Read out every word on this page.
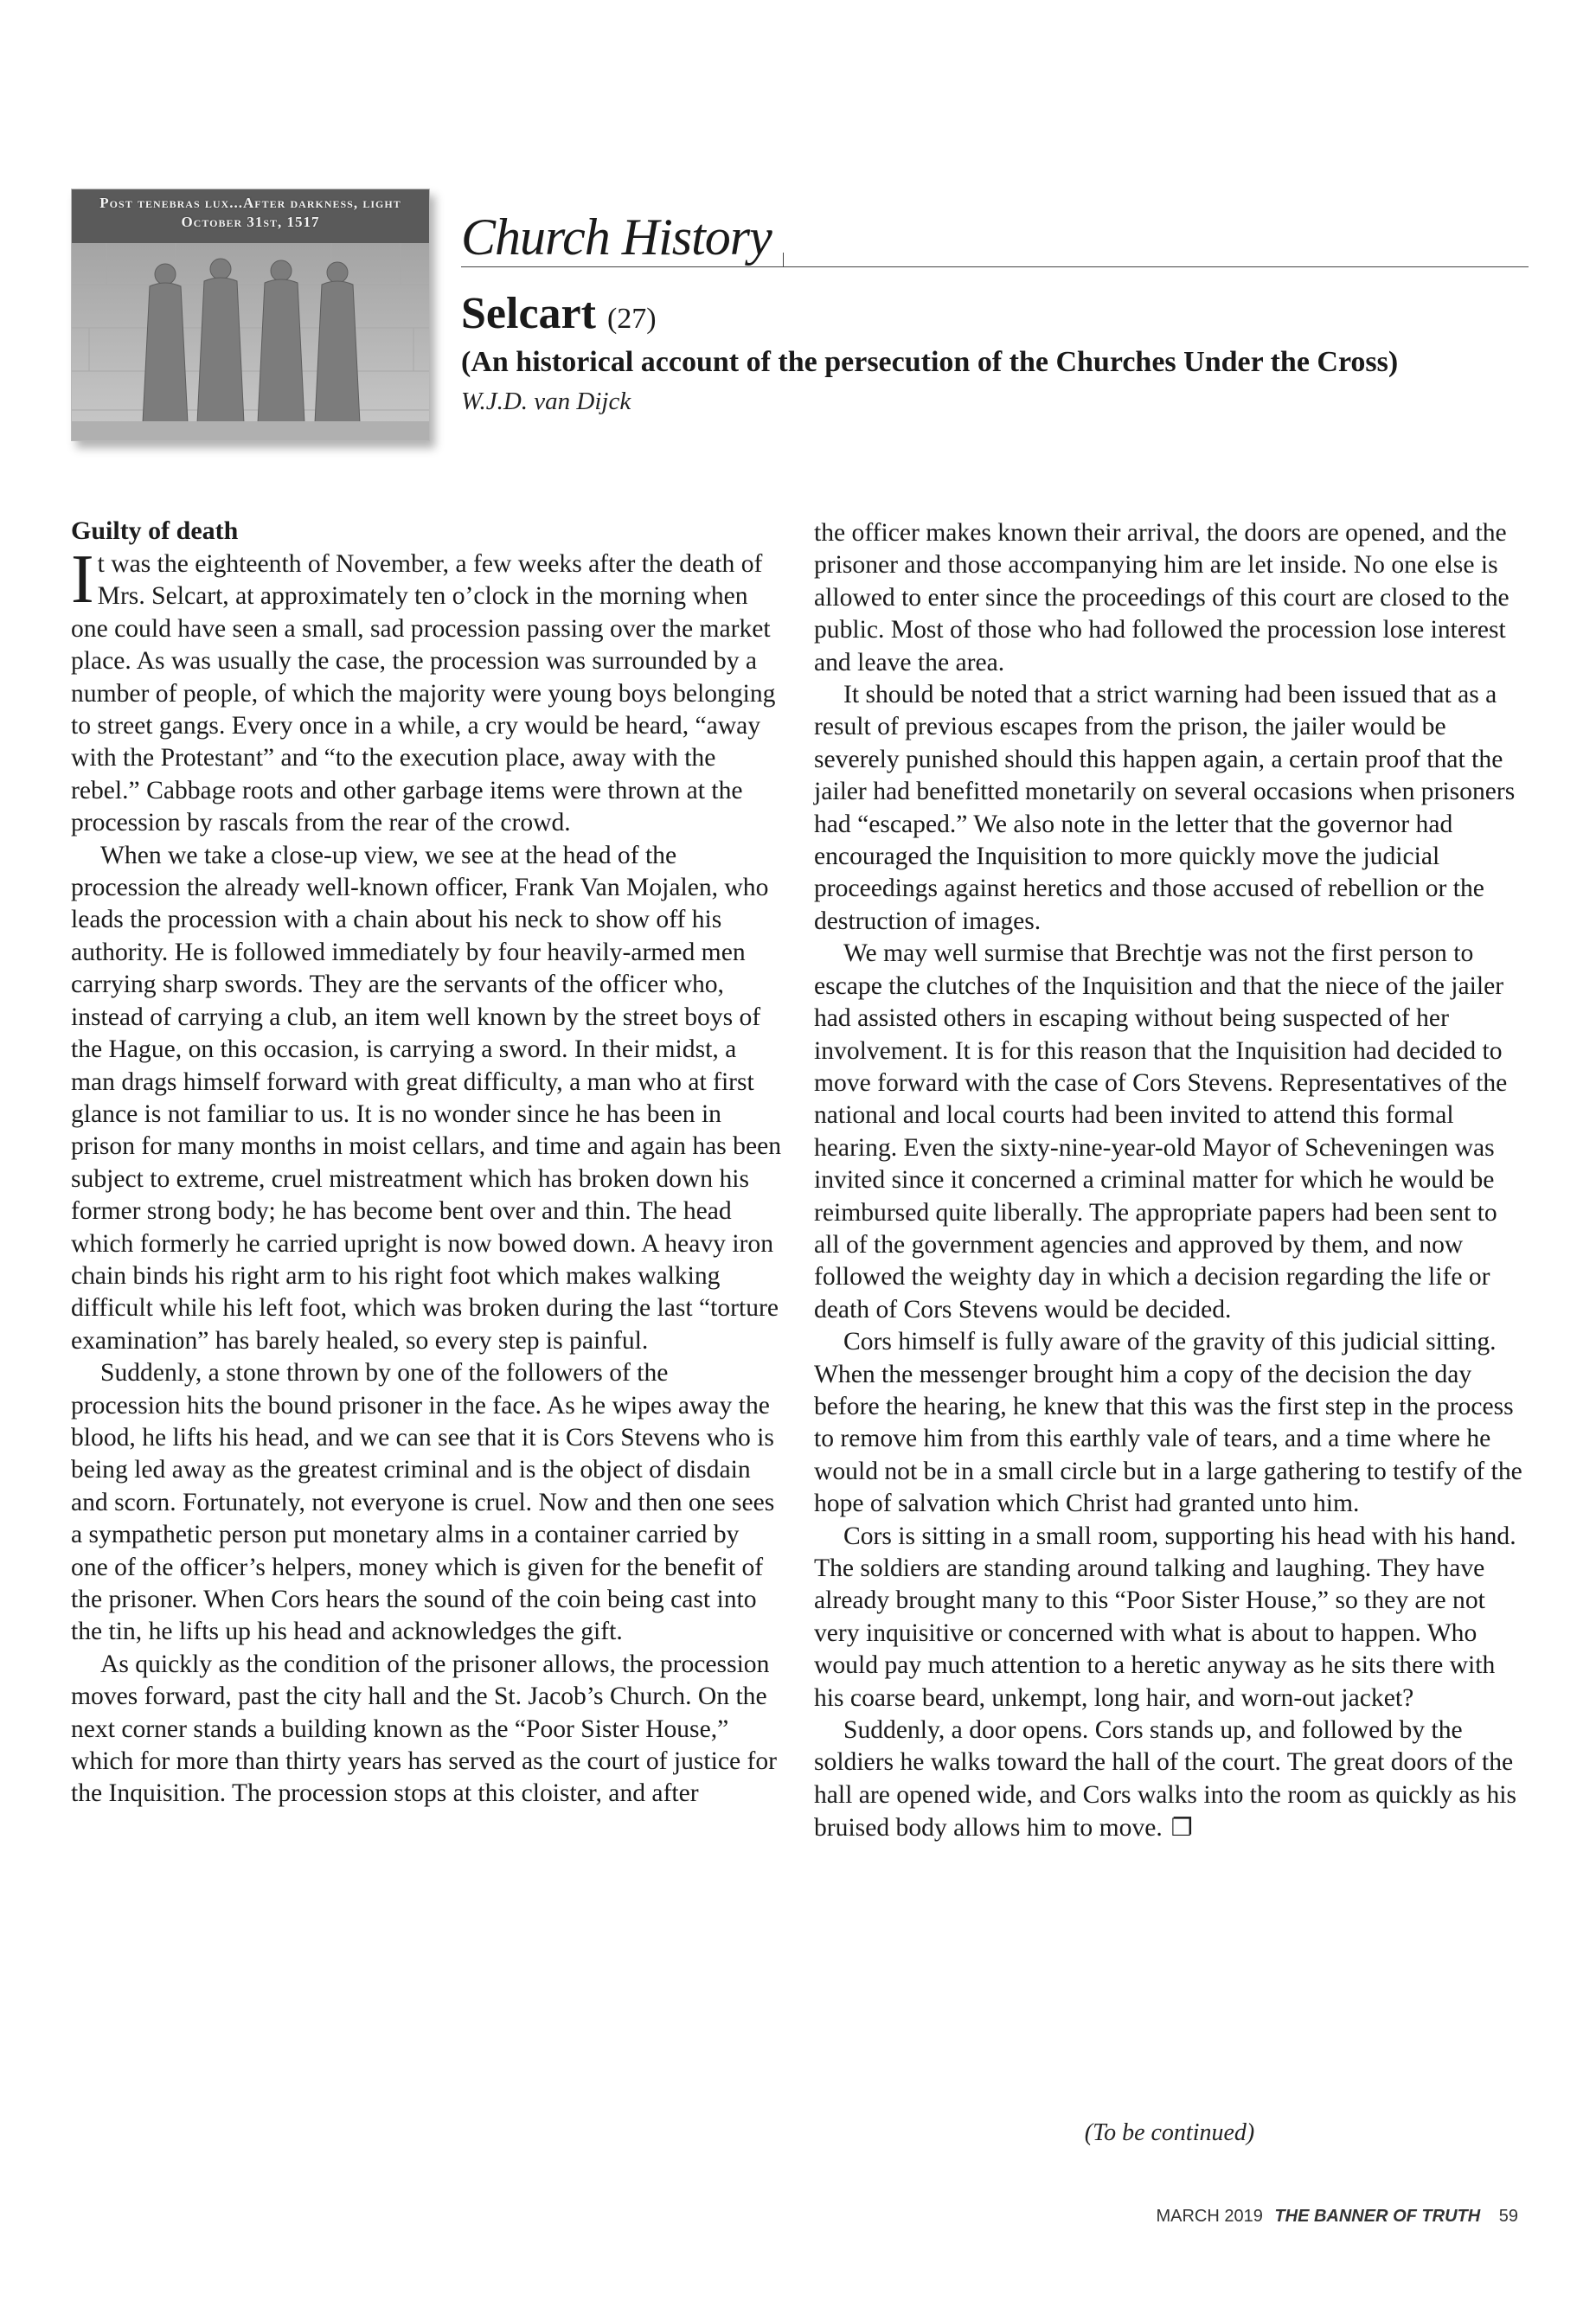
Post tenebras lux...After darkness, light
October 31st, 1517	Church History
Selcart (27)
(An historical account of the persecution of the Churches Under the Cross)
W.J.D. van Dijck
Guilty of death

It was the eighteenth of November, a few weeks after the death of Mrs. Selcart, at approximately ten o’clock in the morning when one could have seen a small, sad procession passing over the market place. As was usually the case, the procession was surrounded by a number of people, of which the majority were young boys belonging to street gangs. Every once in a while, a cry would be heard, “away with the Protestant” and “to the execution place, away with the rebel.” Cabbage roots and other garbage items were thrown at the procession by rascals from the rear of the crowd.

When we take a close-up view, we see at the head of the procession the already well-known officer, Frank Van Mojalen, who leads the procession with a chain about his neck to show off his authority. He is followed immediately by four heavily-armed men carrying sharp swords. They are the servants of the officer who, instead of carrying a club, an item well known by the street boys of the Hague, on this occasion, is carrying a sword. In their midst, a man drags himself forward with great difficulty, a man who at first glance is not familiar to us. It is no wonder since he has been in prison for many months in moist cellars, and time and again has been subject to extreme, cruel mistreatment which has broken down his former strong body; he has become bent over and thin. The head which formerly he carried upright is now bowed down. A heavy iron chain binds his right arm to his right foot which makes walking difficult while his left foot, which was broken during the last “torture examination” has barely healed, so every step is painful.

Suddenly, a stone thrown by one of the followers of the procession hits the bound prisoner in the face. As he wipes away the blood, he lifts his head, and we can see that it is Cors Stevens who is being led away as the greatest criminal and is the object of disdain and scorn. Fortunately, not everyone is cruel. Now and then one sees a sympathetic person put monetary alms in a container carried by one of the officer’s helpers, money which is given for the benefit of the prisoner. When Cors hears the sound of the coin being cast into the tin, he lifts up his head and acknowledges the gift.

As quickly as the condition of the prisoner allows, the procession moves forward, past the city hall and the St. Jacob’s Church. On the next corner stands a building known as the “Poor Sister House,” which for more than thirty years has served as the court of justice for the Inquisition. The procession stops at this cloister, and after

the officer makes known their arrival, the doors are opened, and the prisoner and those accompanying him are let inside. No one else is allowed to enter since the proceedings of this court are closed to the public. Most of those who had followed the procession lose interest and leave the area.

It should be noted that a strict warning had been issued that as a result of previous escapes from the prison, the jailer would be severely punished should this happen again, a certain proof that the jailer had benefitted monetarily on several occasions when prisoners had “escaped.” We also note in the letter that the governor had encouraged the Inquisition to more quickly move the judicial proceedings against heretics and those accused of rebellion or the destruction of images.

We may well surmise that Brechtje was not the first person to escape the clutches of the Inquisition and that the niece of the jailer had assisted others in escaping without being suspected of her involvement. It is for this reason that the Inquisition had decided to move forward with the case of Cors Stevens. Representatives of the national and local courts had been invited to attend this formal hearing. Even the sixty-nine-year-old Mayor of Scheveningen was invited since it concerned a criminal matter for which he would be reimbursed quite liberally. The appropriate papers had been sent to all of the government agencies and approved by them, and now followed the weighty day in which a decision regarding the life or death of Cors Stevens would be decided.

Cors himself is fully aware of the gravity of this judicial sitting. When the messenger brought him a copy of the decision the day before the hearing, he knew that this was the first step in the process to remove him from this earthly vale of tears, and a time where he would not be in a small circle but in a large gathering to testify of the hope of salvation which Christ had granted unto him.

Cors is sitting in a small room, supporting his head with his hand. The soldiers are standing around talking and laughing. They have already brought many to this “Poor Sister House,” so they are not very inquisitive or concerned with what is about to happen. Who would pay much attention to a heretic anyway as he sits there with his coarse beard, unkempt, long hair, and worn-out jacket?

Suddenly, a door opens. Cors stands up, and followed by the soldiers he walks toward the hall of the court. The great doors of the hall are opened wide, and Cors walks into the room as quickly as his bruised body allows him to move. ❐

(To be continued)
MARCH 2019 THE BANNER OF TRUTH 59
